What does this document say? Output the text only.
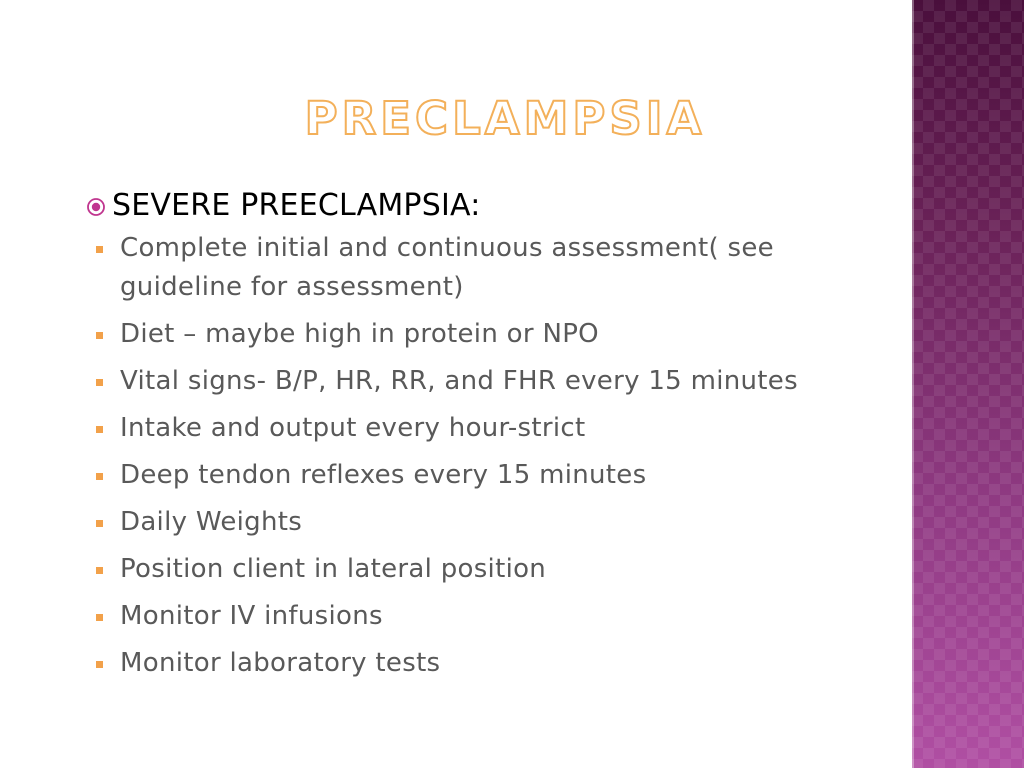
PRECLAMPSIA
SEVERE PREECLAMPSIA:
Complete initial and continuous assessment( see guideline for assessment)
Diet – maybe high in protein or NPO
Vital signs- B/P, HR, RR, and FHR every 15 minutes
Intake and output every hour-strict
Deep tendon reflexes every 15 minutes
Daily Weights
Position client in lateral position
Monitor IV infusions
Monitor laboratory tests
